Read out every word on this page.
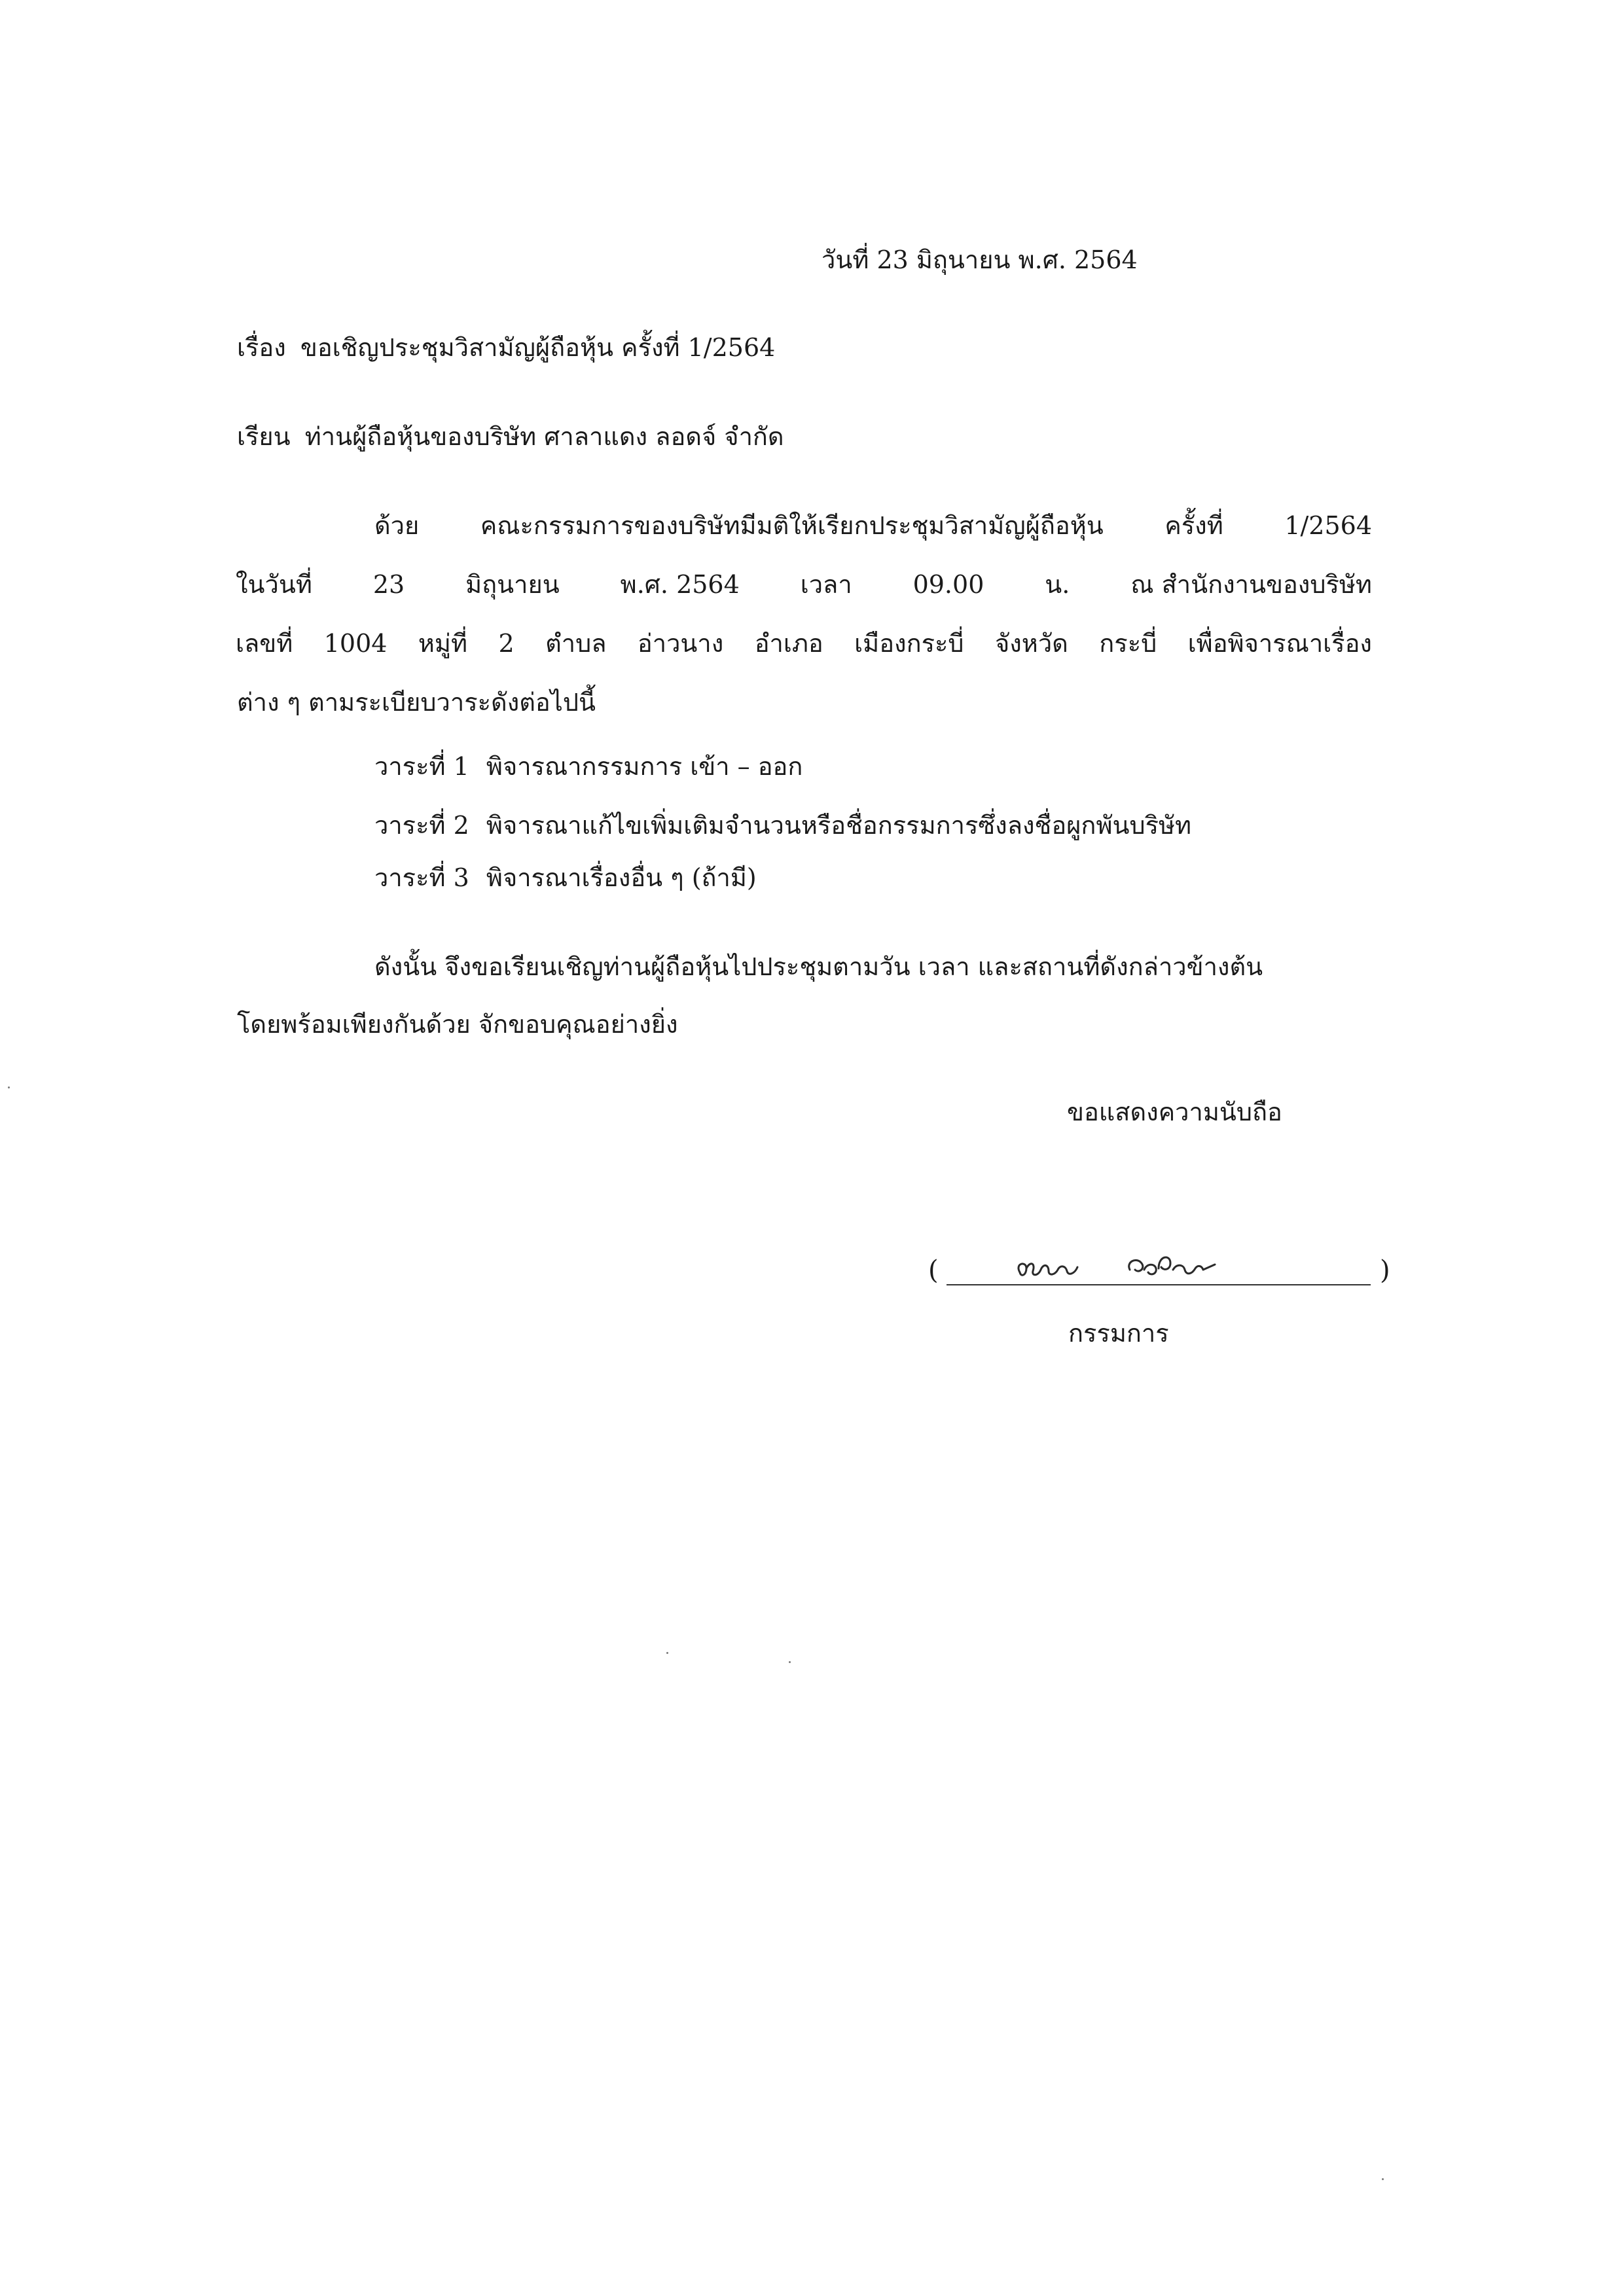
วันที่ 23 มิถุนายน พ.ศ. 2564
เรื่อง ขอเชิญประชุมวิสามัญผู้ถือหุ้น ครั้งที่ 1/2564
เรียน ท่านผู้ถือหุ้นของบริษัท ศาลาแดง ลอดจ์ จำกัด
ด้วย คณะกรรมการของบริษัทมีมติให้เรียกประชุมวิสามัญผู้ถือหุ้น ครั้งที่ 1/2564
ในวันที่ 23 มิถุนายน พ.ศ. 2564 เวลา 09.00 น. ณ สำนักงานของบริษัท
เลขที่ 1004 หมู่ที่ 2 ตำบล อ่าวนาง อำเภอ เมืองกระบี่ จังหวัด กระบี่ เพื่อพิจารณาเรื่อง
ต่าง ๆ ตามระเบียบวาระดังต่อไปนี้
วาระที่ 1 พิจารณากรรมการ เข้า – ออก
วาระที่ 2 พิจารณาแก้ไขเพิ่มเติมจำนวนหรือชื่อกรรมการซึ่งลงชื่อผูกพันบริษัท
วาระที่ 3 พิจารณาเรื่องอื่น ๆ (ถ้ามี)
ดังนั้น จึงขอเรียนเชิญท่านผู้ถือหุ้นไปประชุมตามวัน เวลา และสถานที่ดังกล่าวข้างต้น
โดยพร้อมเพียงกันด้วย จักขอบคุณอย่างยิ่ง
ขอแสดงความนับถือ
(	)
กรรมการ
